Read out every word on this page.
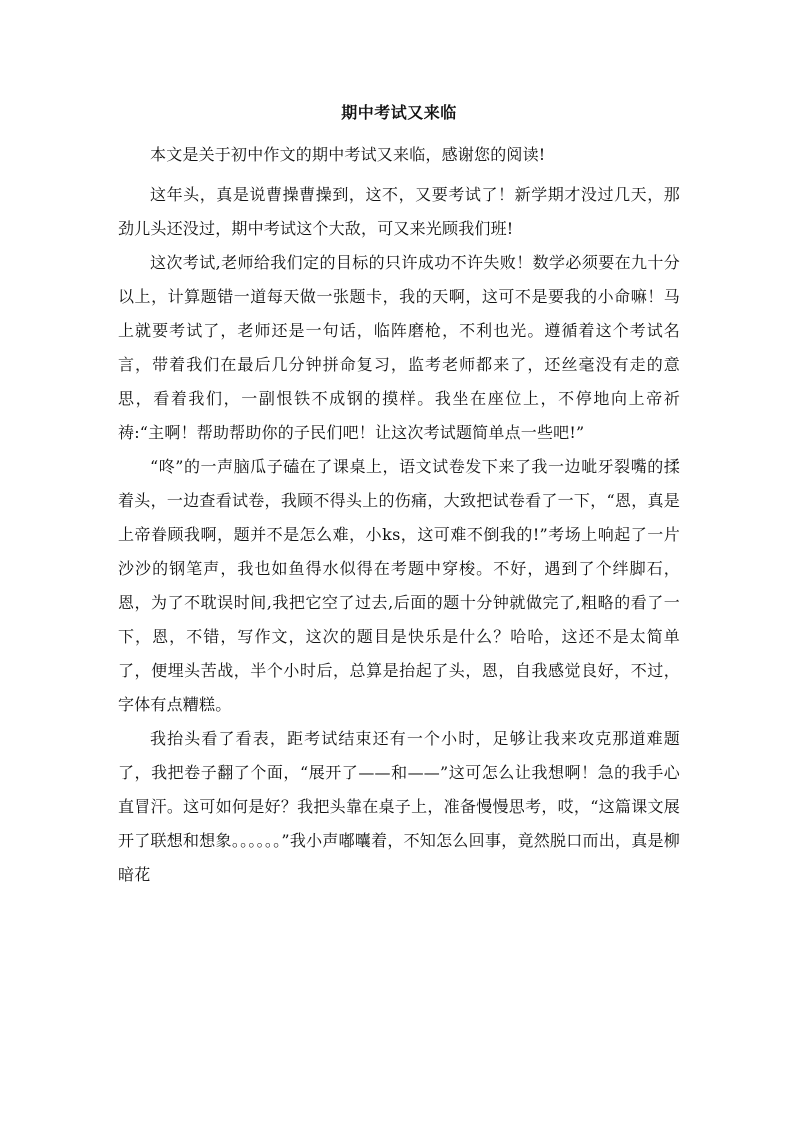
期中考试又来临

本文是关于初中作文的期中考试又来临，感谢您的阅读!

这年头，真是说曹操曹操到，这不，又要考试了！新学期才没过几天，那劲儿头还没过，期中考试这个大敌，可又来光顾我们班!

这次考试,老师给我们定的目标的只许成功不许失败！数学必须要在九十分以上，计算题错一道每天做一张题卡，我的天啊，这可不是要我的小命嘛！马上就要考试了，老师还是一句话，临阵磨枪，不利也光。遵循着这个考试名言，带着我们在最后几分钟拼命复习，监考老师都来了，还丝毫没有走的意思，看着我们，一副恨铁不成钢的摸样。我坐在座位上，不停地向上帝祈祷:“主啊！帮助帮助你的子民们吧！让这次考试题简单点一些吧!”

“咚”的一声脑瓜子磕在了课桌上，语文试卷发下来了我一边呲牙裂嘴的揉着头，一边查看试卷，我顾不得头上的伤痛，大致把试卷看了一下，“恩，真是上帝眷顾我啊，题并不是怎么难，小ks，这可难不倒我的!”考场上响起了一片沙沙的钢笔声，我也如鱼得水似得在考题中穿梭。不好，遇到了个绊脚石，恩，为了不耽误时间,我把它空了过去,后面的题十分钟就做完了,粗略的看了一下，恩，不错，写作文，这次的题目是快乐是什么？哈哈，这还不是太简单了，便埋头苦战，半个小时后，总算是抬起了头，恩，自我感觉良好，不过，字体有点糟糕。

我抬头看了看表，距考试结束还有一个小时，足够让我来攻克那道难题了，我把卷子翻了个面，“展开了——和——”这可怎么让我想啊！急的我手心直冒汗。这可如何是好？我把头靠在桌子上，准备慢慢思考，哎，“这篇课文展开了联想和想象。。。。。。”我小声嘟囔着，不知怎么回事，竟然脱口而出，真是柳暗花
